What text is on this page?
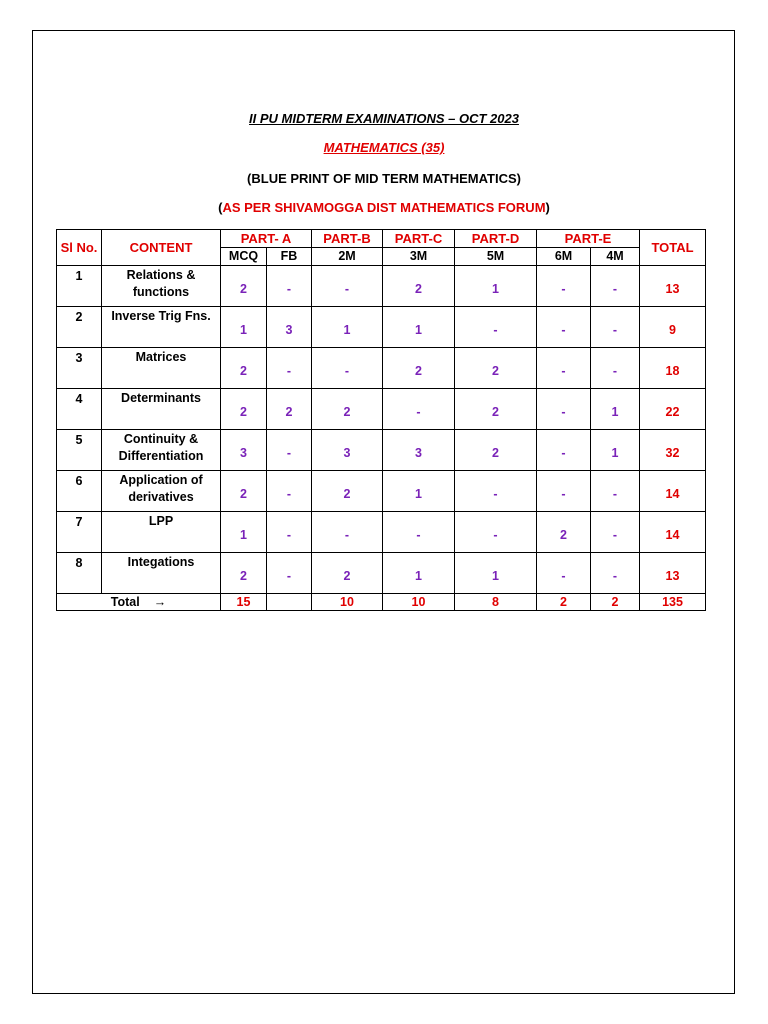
II PU MIDTERM EXAMINATIONS – OCT 2023
MATHEMATICS (35)
(BLUE PRINT OF MID TERM MATHEMATICS)
(AS PER SHIVAMOGGA DIST MATHEMATICS FORUM)
Sl No.	CONTENT	PART- A		PART-B	PART-C	PART-D	PART-E		TOTAL
		MCQ	FB	2M	3M	5M	6M	4M	
1	Relations & functions	2	-	-	2	1	-	-	13
2	Inverse Trig Fns.	1	3	1	1	-	-	-	9
3	Matrices	2	-	-	2	2	-	-	18
4	Determinants	2	2	2	-	2	-	1	22
5	Continuity & Differentiation	3	-	3	3	2	-	1	32
6	Application of derivatives	2	-	2	1	-	-	-	14
7	LPP	1	-	-	-	-	2	-	14
8	Integations	2	-	2	1	1	-	-	13
Total →		15		10	10	8	2	2	135
